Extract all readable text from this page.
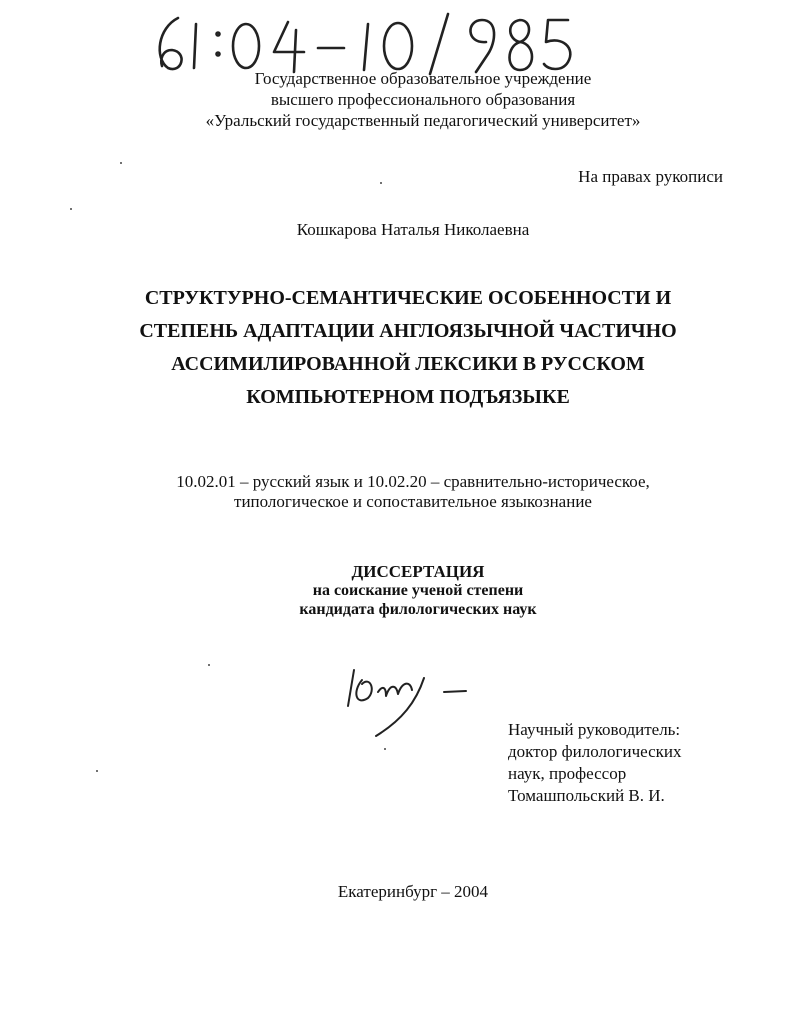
Государственное образовательное учреждение
высшего профессионального образования
«Уральский государственный педагогический университет»
На правах рукописи
Кошкарова Наталья Николаевна
СТРУКТУРНО-СЕМАНТИЧЕСКИЕ ОСОБЕННОСТИ И
СТЕПЕНЬ АДАПТАЦИИ АНГЛОЯЗЫЧНОЙ ЧАСТИЧНО
АССИМИЛИРОВАННОЙ ЛЕКСИКИ В РУССКОМ
КОМПЬЮТЕРНОМ ПОДЪЯЗЫКЕ
10.02.01 – русский язык и 10.02.20 – сравнительно-историческое,
типологическое и сопоставительное языкознание
ДИССЕРТАЦИЯ
на соискание ученой степени
кандидата филологических наук
Научный руководитель:
доктор филологических
наук, профессор
Томашпольский В. И.
Екатеринбург – 2004
